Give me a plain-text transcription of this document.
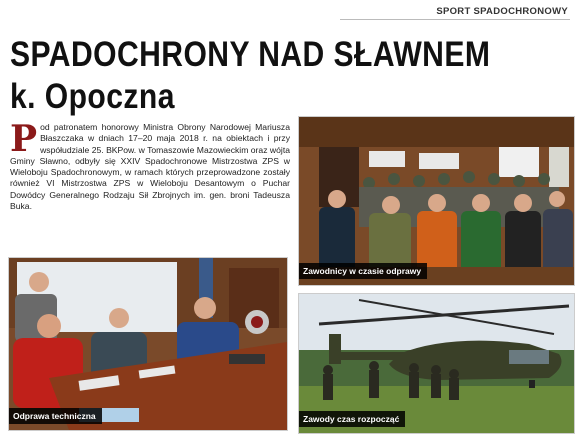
SPORT SPADOCHRONOWY
SPADOCHRONY NAD SŁAWNEM k. Opoczna

Pod patronatem honorowy Ministra Obrony Narodowej Mariusza Błaszczaka w dniach 17–20 maja 2018 r. na obiektach i przy współudziale 25. BKPow. w Tomaszowie Mazowieckim oraz wójta Gminy Sławno, odbyły się XXIV Spadochronowe Mistrzostwa ZPS w Wieloboju Spadochronowym, w ramach których przeprowadzone zostały również VI Mistrzostwa ZPS w Wieloboju Desantowym o Puchar Dowódcy Generalnego Rodzaju Sił Zbrojnych im. gen. broni Tadeusza Buka.

Odprawa techniczna
Zawodnicy w czasie odprawy
Zawody czas rozpocząć
